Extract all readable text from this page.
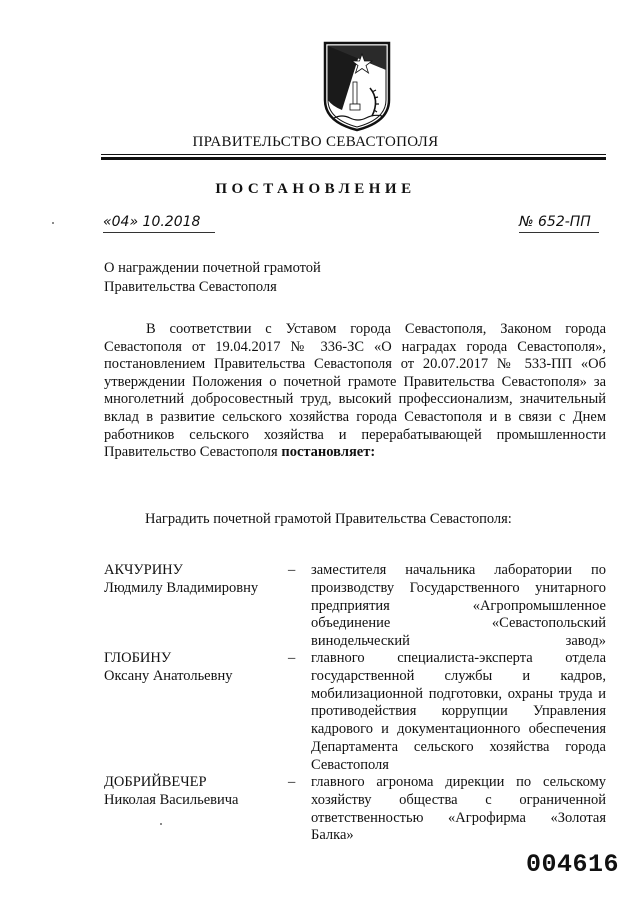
ПРАВИТЕЛЬСТВО СЕВАСТОПОЛЯ
ПОСТАНОВЛЕНИЕ
«04» 10.2018	№ 652-ПП
О награждении почетной грамотой
Правительства Севастополя
В соответствии с Уставом города Севастополя, Законом города Севастополя от 19.04.2017 № 336-ЗС «О наградах города Севастополя», постановлением Правительства Севастополя от 20.07.2017 № 533-ПП «Об утверждении Положения о почетной грамоте Правительства Севастополя» за многолетний добросовестный труд, высокий профессионализм, значительный вклад в развитие сельского хозяйства города Севастополя и в связи с Днем работников сельского хозяйства и перерабатывающей промышленности Правительство Севастополя постановляет:
Наградить почетной грамотой Правительства Севастополя:
АКЧУРИНУ
Людмилу Владимировну
– заместителя начальника лаборатории по производству Государственного унитарного предприятия «Агропромышленное объединение «Севастопольский винодельческий завод»
ГЛОБИНУ
Оксану Анатольевну
– главного специалиста-эксперта отдела государственной службы и кадров, мобилизационной подготовки, охраны труда и противодействия коррупции Управления кадрового и документационного обеспечения Департамента сельского хозяйства города Севастополя
ДОБРИЙВЕЧЕР
Николая Васильевича
– главного агронома дирекции по сельскому хозяйству общества с ограниченной ответственностью «Агрофирма «Золотая Балка»
004616
